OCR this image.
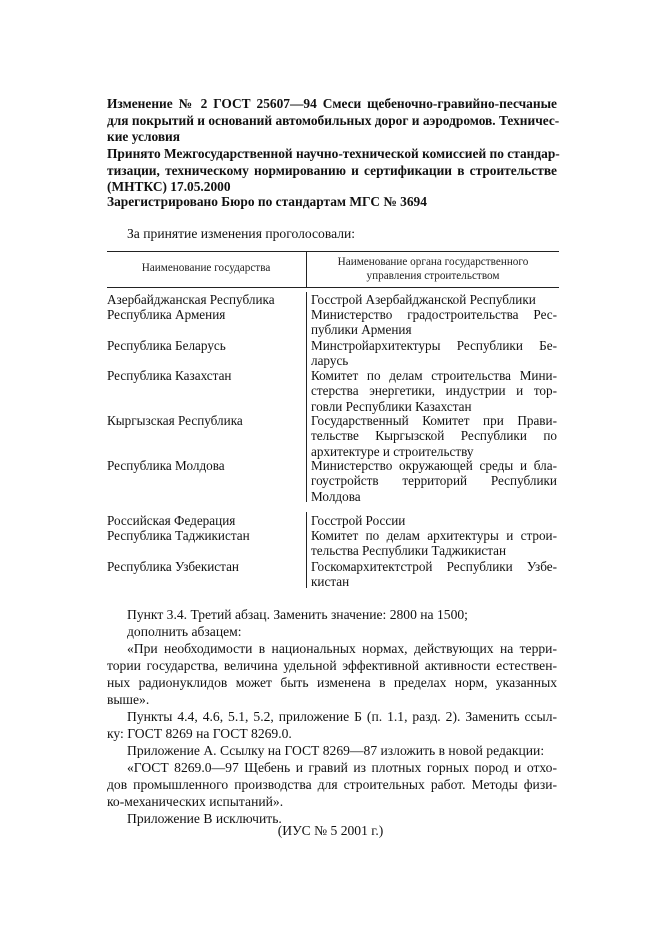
Изменение № 2 ГОСТ 25607—94 Смеси щебеночно-гравийно-песчаные
для покрытий и оснований автомобильных дорог и аэродромов. Техничес-
кие условия
Принято Межгосударственной научно-технической комиссией по стандар-
тизации, техническому нормированию и сертификации в строительстве
(МНТКС) 17.05.2000
Зарегистрировано Бюро по стандартам МГС № 3694
За принятие изменения проголосовали:
Наименование государства	Наименование органа государственного
управления строительством
Азербайджанская Республика	Госстрой Азербайджанской Республики
Республика Армения	Министерство градостроительства Рес-
публики Армения
Республика Беларусь	Минстройархитектуры Республики Бе-
ларусь
Республика Казахстан	Комитет по делам строительства Мини-
стерства энергетики, индустрии и тор-
говли Республики Казахстан
Кыргызская Республика	Государственный Комитет при Прави-
тельстве Кыргызской Республики по
архитектуре и строительству
Республика Молдова	Министерство окружающей среды и бла-
гоустройств территорий Республики
Молдова
Российская Федерация	Госстрой России
Республика Таджикистан	Комитет по делам архитектуры и строи-
тельства Республики Таджикистан
Республика Узбекистан	Госкомархитектстрой Республики Узбе-
кистан
Пункт 3.4. Третий абзац. Заменить значение: 2800 на 1500;
дополнить абзацем:
«При необходимости в национальных нормах, действующих на терри-
тории государства, величина удельной эффективной активности естествен-
ных радионуклидов может быть изменена в пределах норм, указанных
выше».
Пункты 4.4, 4.6, 5.1, 5.2, приложение Б (п. 1.1, разд. 2). Заменить ссыл-
ку: ГОСТ 8269 на ГОСТ 8269.0.
Приложение А. Ссылку на ГОСТ 8269—87 изложить в новой редакции:
«ГОСТ 8269.0—97 Щебень и гравий из плотных горных пород и отхо-
дов промышленного производства для строительных работ. Методы физи-
ко-механических испытаний».
Приложение В исключить.
(ИУС № 5 2001 г.)
